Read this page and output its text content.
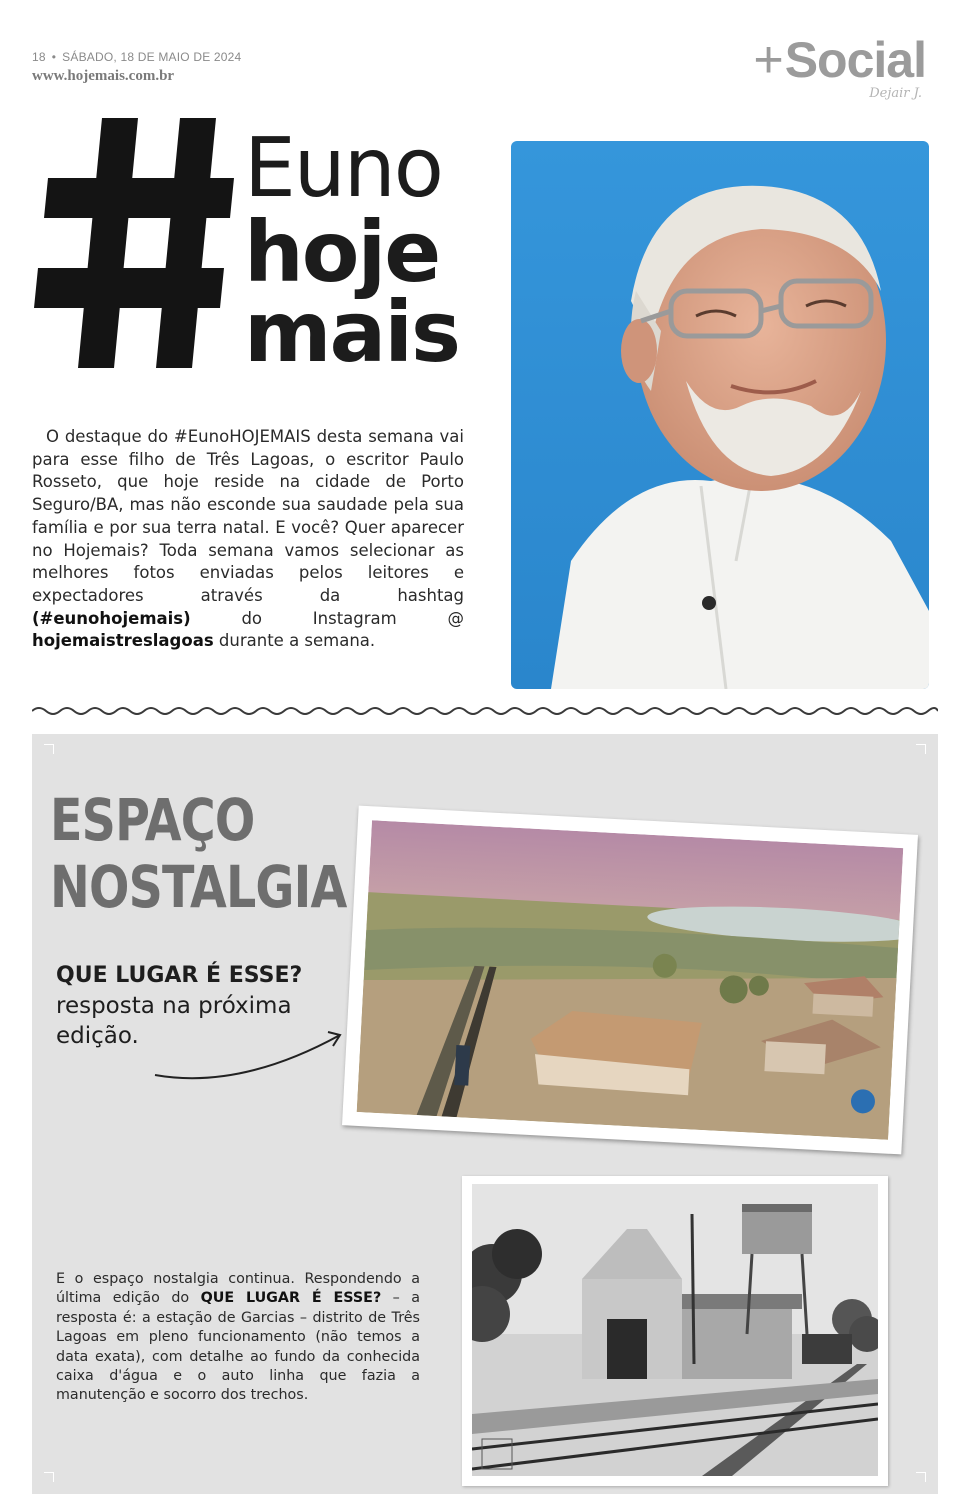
18 • SÁBADO, 18 DE MAIO DE 2024
www.hojemais.com.br	+Social
Dejair J.
Euno
hoje
mais

O destaque do #EunoHOJEMAIS desta semana vai para esse filho de Três Lagoas, o escritor Paulo Rosseto, que hoje reside na cidade de Porto Seguro/BA, mas não esconde sua saudade pela sua família e por sua terra natal. E você? Quer aparecer no Hojemais? Toda semana vamos selecionar as melhores fotos enviadas pelos leitores e expectadores através da hashtag (#eunohojemais) do Instagram @ hojemaistreslagoas durante a semana.

ESPAÇO
NOSTALGIA
QUE LUGAR É ESSE?
resposta na próxima
edição.
E o espaço nostalgia continua. Respondendo a última edição do QUE LUGAR É ESSE? – a resposta é: a estação de Garcias – distrito de Três Lagoas em pleno funcionamento (não temos a data exata), com detalhe ao fundo da conhecida caixa d'água e o auto linha que fazia a manutenção e socorro dos trechos.
